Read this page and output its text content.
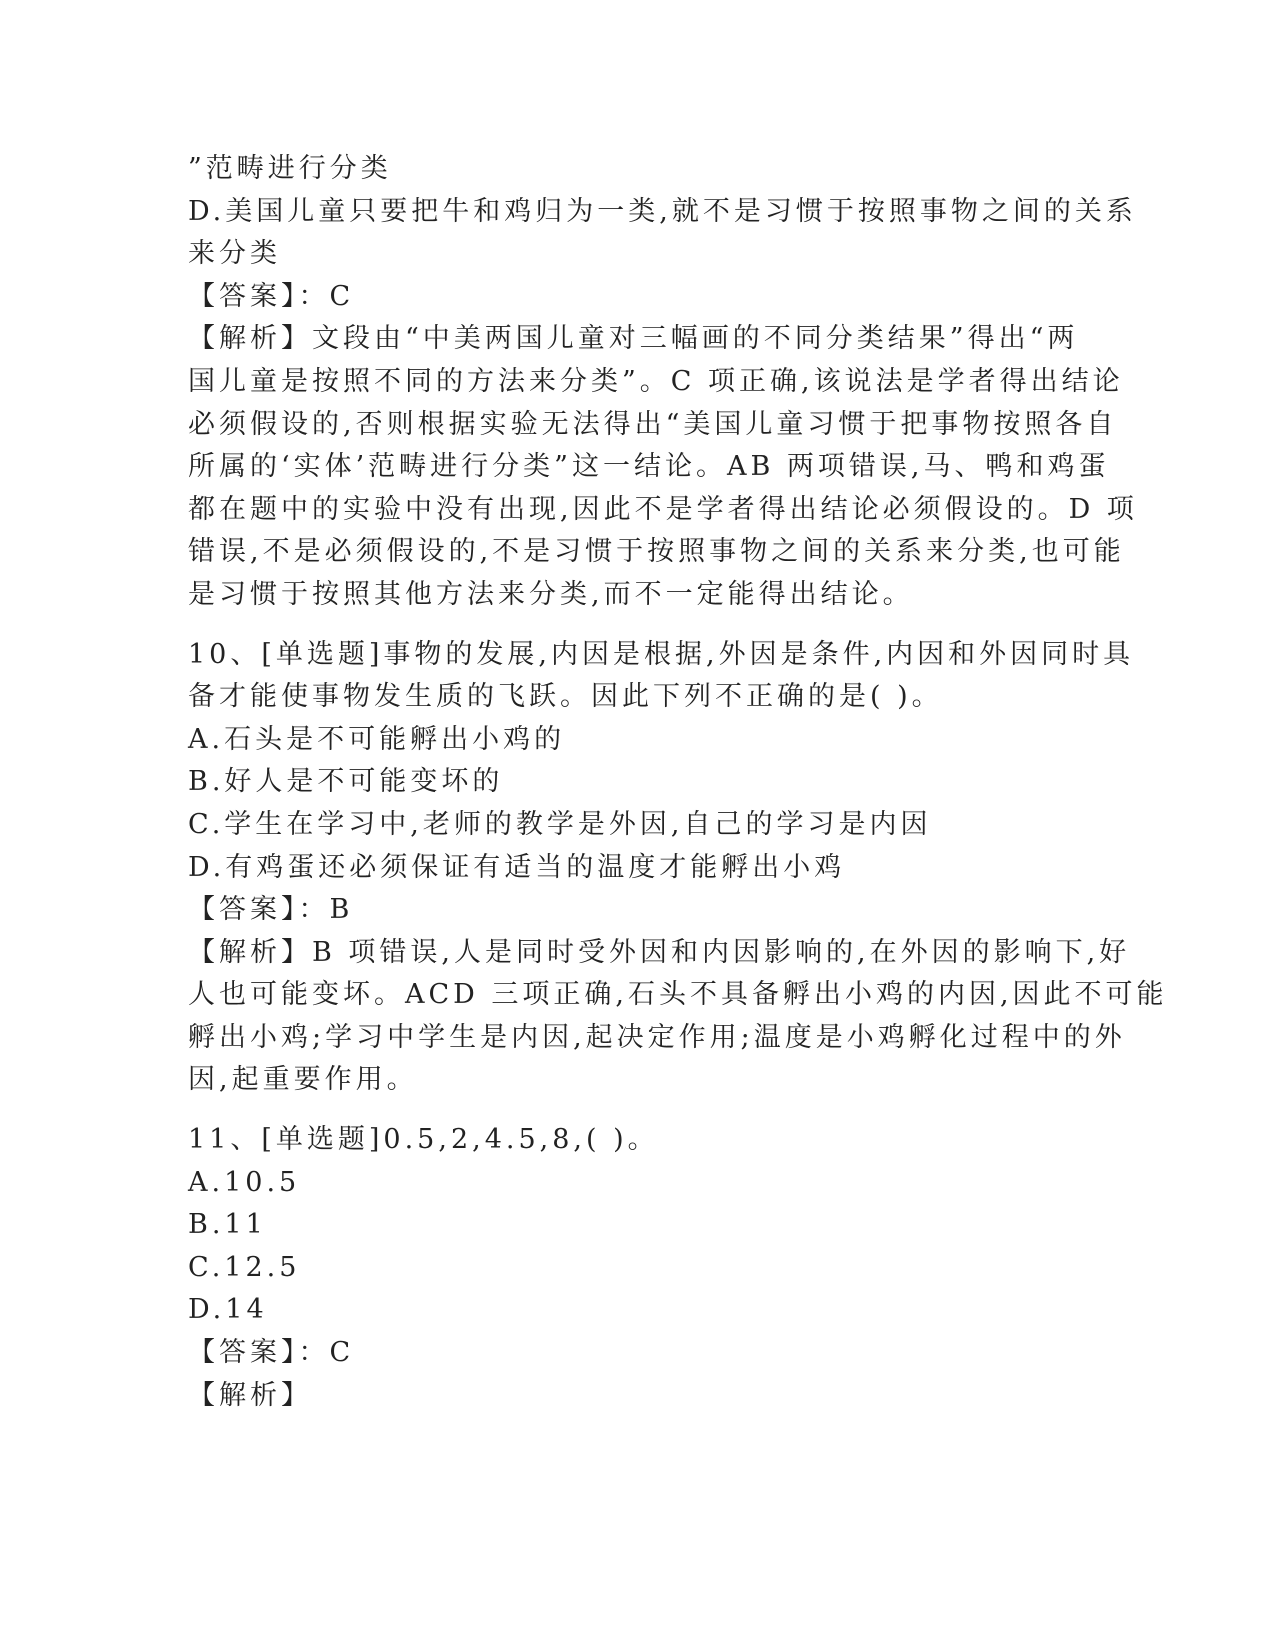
”范畴进行分类
D.美国儿童只要把牛和鸡归为一类,就不是习惯于按照事物之间的关系
来分类
【答案】：C
【解析】文段由“中美两国儿童对三幅画的不同分类结果”得出“两
国儿童是按照不同的方法来分类”。C 项正确,该说法是学者得出结论
必须假设的,否则根据实验无法得出“美国儿童习惯于把事物按照各自
所属的‘实体’范畴进行分类”这一结论。AB 两项错误,马、鸭和鸡蛋
都在题中的实验中没有出现,因此不是学者得出结论必须假设的。D 项
错误,不是必须假设的,不是习惯于按照事物之间的关系来分类,也可能
是习惯于按照其他方法来分类,而不一定能得出结论。
10、[单选题]事物的发展,内因是根据,外因是条件,内因和外因同时具
备才能使事物发生质的飞跃。因此下列不正确的是( )。
A.石头是不可能孵出小鸡的
B.好人是不可能变坏的
C.学生在学习中,老师的教学是外因,自己的学习是内因
D.有鸡蛋还必须保证有适当的温度才能孵出小鸡
【答案】：B
【解析】B 项错误,人是同时受外因和内因影响的,在外因的影响下,好
人也可能变坏。ACD 三项正确,石头不具备孵出小鸡的内因,因此不可能
孵出小鸡;学习中学生是内因,起决定作用;温度是小鸡孵化过程中的外
因,起重要作用。
11、[单选题]0.5,2,4.5,8,( )。
A.10.5
B.11
C.12.5
D.14
【答案】：C
【解析】
